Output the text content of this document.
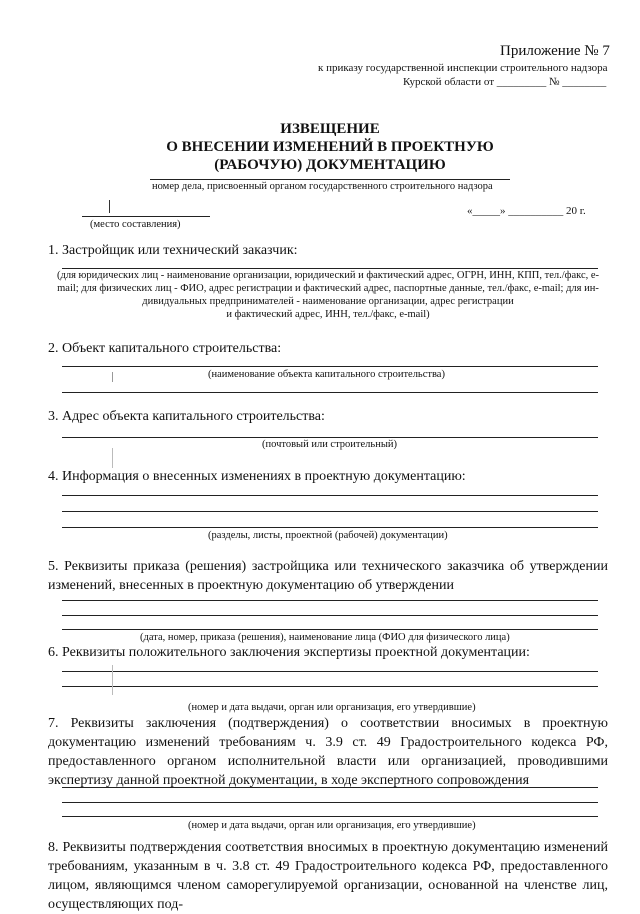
Приложение № 7
к приказу государственной инспекции строительного надзора
Курской области от _________ № ________
ИЗВЕЩЕНИЕ
О ВНЕСЕНИИ ИЗМЕНЕНИЙ В ПРОЕКТНУЮ
(РАБОЧУЮ) ДОКУМЕНТАЦИЮ
номер дела, присвоенный органом государственного строительного надзора
(место составления)
«_____» __________ 20 г.
1. Застройщик или технический заказчик:
(для юридических лиц - наименование организации, юридический и фактический адрес, ОГРН, ИНН, КПП, тел./факс, e-
mail; для физических лиц - ФИО, адрес регистрации и фактический адрес, паспортные данные, тел./факс, e-mail; для ин-
дивидуальных предпринимателей - наименование организации, адрес регистрации
и фактический адрес, ИНН, тел./факс, e-mail)
2. Объект капитального строительства:
(наименование объекта капитального строительства)
3. Адрес объекта капитального строительства:
(почтовый или строительный)
4. Информация о внесенных изменениях в проектную документацию:
(разделы, листы, проектной (рабочей) документации)
5. Реквизиты приказа (решения) застройщика или технического заказчика об утверждении изменений, внесенных в проектную документацию об утверждении
(дата, номер, приказа (решения), наименование лица (ФИО для физического лица)
6. Реквизиты положительного заключения экспертизы проектной документации:
(номер и дата выдачи, орган или организация, его утвердившие)
7. Реквизиты заключения (подтверждения) о соответствии вносимых в проектную документацию изменений требованиям ч. 3.9 ст. 49 Градостроительного кодекса РФ, предоставленного органом исполнительной власти или организацией, проводившими экспертизу данной проектной документации, в ходе экспертного сопровождения
(номер и дата выдачи, орган или организация, его утвердившие)
8. Реквизиты подтверждения соответствия вносимых в проектную документацию изменений требованиям, указанным в ч. 3.8 ст. 49 Градостроительного кодекса РФ, предоставленного лицом, являющимся членом саморегулируемой организации, основанной на членстве лиц, осуществляющих под-
